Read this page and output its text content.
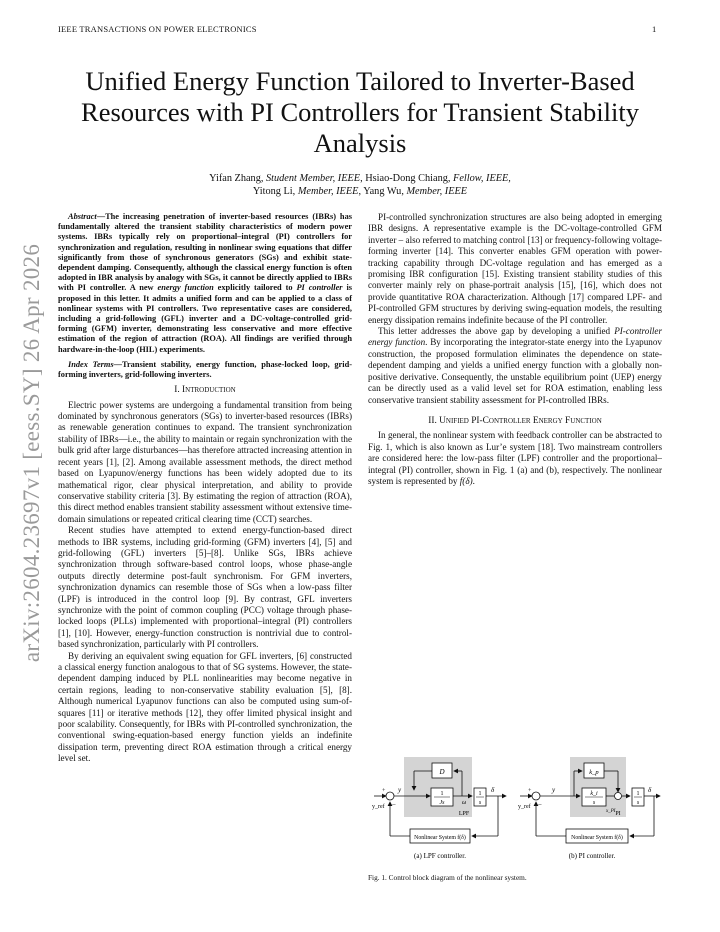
IEEE TRANSACTIONS ON POWER ELECTRONICS	1
arXiv:2604.23697v1 [eess.SY] 26 Apr 2026
Unified Energy Function Tailored to Inverter-Based Resources with PI Controllers for Transient Stability Analysis
Yifan Zhang, Student Member, IEEE, Hsiao-Dong Chiang, Fellow, IEEE,
Yitong Li, Member, IEEE, Yang Wu, Member, IEEE

Abstract—The increasing penetration of inverter-based resources (IBRs) has fundamentally altered the transient stability characteristics of modern power systems. IBRs typically rely on proportional–integral (PI) controllers for synchronization and regulation, resulting in nonlinear swing equations that differ significantly from those of synchronous generators (SGs) and exhibit state-dependent damping. Consequently, although the classical energy function is often adopted in IBR analysis by analogy with SGs, it cannot be directly applied to IBRs with PI controller. A new energy function explicitly tailored to PI controller is proposed in this letter. It admits a unified form and can be applied to a class of nonlinear systems with PI controllers. Two representative cases are considered, including a grid-following (GFL) inverter and a DC-voltage-controlled grid-forming (GFM) inverter, demonstrating less conservative and more effective estimation of the region of attraction (ROA). All findings are verified through hardware-in-the-loop (HIL) experiments.

Index Terms—Transient stability, energy function, phase-locked loop, grid-forming inverters, grid-following inverters.

I. Introduction

Electric power systems are undergoing a fundamental transition from being dominated by synchronous generators (SGs) to inverter-based resources (IBRs) as renewable generation continues to expand. The transient synchronization stability of IBRs—i.e., the ability to maintain or regain synchronization with the bulk grid after large disturbances—has therefore attracted increasing attention in recent years [1], [2]. Among available assessment methods, the direct method based on Lyapunov/energy functions has been widely adopted due to its mathematical rigor, clear physical interpretation, and ability to provide conservative stability criteria [3]. By estimating the region of attraction (ROA), this direct method enables transient stability assessment without extensive time-domain simulations or repeated critical clearing time (CCT) searches.

Recent studies have attempted to extend energy-function-based direct methods to IBR systems, including grid-forming (GFM) inverters [4], [5] and grid-following (GFL) inverters [5]–[8]. Unlike SGs, IBRs achieve synchronization through software-based control loops, whose phase-angle outputs directly determine post-fault synchronism. For GFM inverters, synchronization dynamics can resemble those of SGs when a low-pass filter (LPF) is introduced in the control loop [9]. By contrast, GFL inverters synchronize with the point of common coupling (PCC) voltage through phase-locked loops (PLLs) implemented with proportional–integral (PI) controllers [1], [10]. However, energy-function construction is nontrivial due to control-based synchronization, particularly with PI controllers.

By deriving an equivalent swing equation for GFL inverters, [6] constructed a classical energy function analogous to that of SG systems. However, the state-dependent damping induced by PLL nonlinearities may become negative in certain regions, leading to non-conservative stability evaluation [5], [8]. Although numerical Lyapunov functions can also be computed using sum-of-squares [11] or iterative methods [12], they offer limited physical insight and poor scalability. Consequently, for IBRs with PI-controlled synchronization, the conventional swing-equation-based energy function yields an indefinite dissipation term, preventing direct ROA estimation through a critical energy level set.

PI-controlled synchronization structures are also being adopted in emerging IBR designs. A representative example is the DC-voltage-controlled GFM inverter – also referred to matching control [13] or frequency-following voltage-forming inverter [14]. This converter enables GFM operation with power-tracking capability through DC-voltage regulation and has emerged as a promising IBR configuration [15]. Existing transient stability studies of this converter mainly rely on phase-portrait analysis [15], [16], which does not provide quantitative ROA characterization. Although [17] compared LPF- and PI-controlled GFM structures by deriving swing-equation models, the resulting energy dissipation remains indefinite because of the PI controller.

This letter addresses the above gap by developing a unified PI-controller energy function. By incorporating the integrator-state energy into the Lyapunov construction, the proposed formulation eliminates the dependence on state-dependent damping and yields a unified energy function with a globally non-positive derivative. Consequently, the unstable equilibrium point (UEP) energy can be directly used as a valid level set for ROA estimation, enabling less conservative transient stability assessment for PI-controlled IBRs.

II. Unified PI-Controller Energy Function

In general, the nonlinear system with feedback controller can be abstracted to Fig. 1, which is also known as Lur’e system [18]. Two mainstream controllers are considered here: the low-pass filter (LPF) controller and the proportional–integral (PI) controller, shown in Fig. 1 (a) and (b), respectively. The nonlinear system is represented by f(δ).

y_ref
y
+
−
D
1
Js	ω
1
s
δ
LPF
Nonlinear System f(δ)
y_ref
y
+
−
k_p
k_i
s
x_PI
1
s
δ
PI
Nonlinear System f(δ)
(a) LPF controller.	(b) PI controller.
Fig. 1. Control block diagram of the nonlinear system.
